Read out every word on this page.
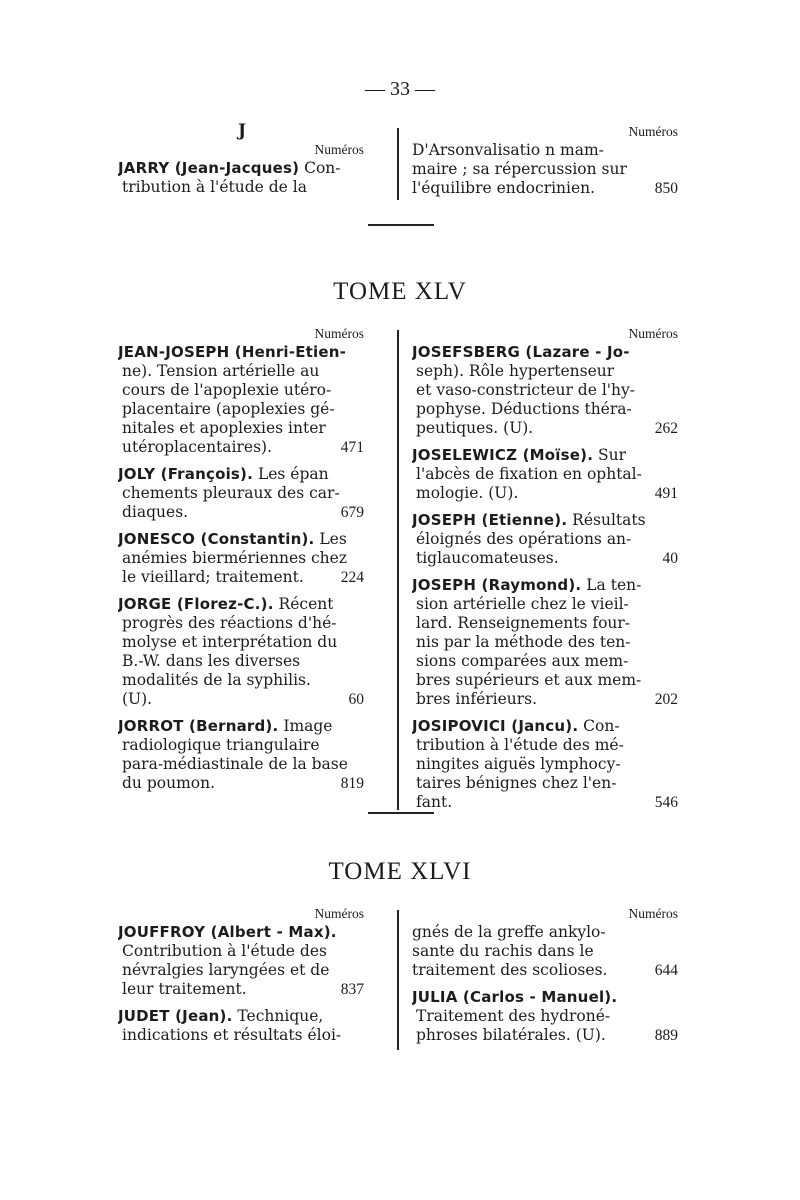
— 33 —
J
Numéros
JARRY (Jean-Jacques) Con-
tribution à l'étude de la
Numéros
D'Arsonvalisatio n mam-
maire ; sa répercussion sur
l'équilibre endocrinien.	850
TOME XLV
Numéros
JEAN-JOSEPH (Henri-Etien-
ne). Tension artérielle au
cours de l'apoplexie utéro-
placentaire (apoplexies gé-
nitales et apoplexies inter
utéroplacentaires).	471
JOLY (François). Les épan
chements pleuraux des car-
diaques.	679
JONESCO (Constantin). Les
anémies biermériennes chez
le vieillard; traitement. 224
JORGE (Florez-C.). Récent
progrès des réactions d'hé-
molyse et interprétation du
B.-W. dans les diverses
modalités de la syphilis.
(U).	60
JORROT (Bernard). Image
radiologique triangulaire
para-médiastinale de la base
du poumon.	819
Numéros
JOSEFSBERG (Lazare - Jo-
seph). Rôle hypertenseur
et vaso-constricteur de l'hy-
pophyse. Déductions théra-
peutiques. (U).	262
JOSELEWICZ (Moïse). Sur
l'abcès de fixation en ophtal-
mologie. (U).	491
JOSEPH (Etienne). Résultats
éloignés des opérations an-
tiglaucomateuses.	40
JOSEPH (Raymond). La ten-
sion artérielle chez le vieil-
lard. Renseignements four-
nis par la méthode des ten-
sions comparées aux mem-
bres supérieurs et aux mem-
bres inférieurs.	202
JOSIPOVICI (Jancu). Con-
tribution à l'étude des mé-
ningites aiguës lymphocy-
taires bénignes chez l'en-
fant.	546
TOME XLVI
Numéros
JOUFFROY (Albert - Max).
Contribution à l'étude des
névralgies laryngées et de
leur traitement.	837
JUDET (Jean). Technique,
indications et résultats éloi-
Numéros
gnés de la greffe ankylo-
sante du rachis dans le
traitement des scolioses.	644
JULIA (Carlos - Manuel).
Traitement des hydroné-
phroses bilatérales. (U).	889
